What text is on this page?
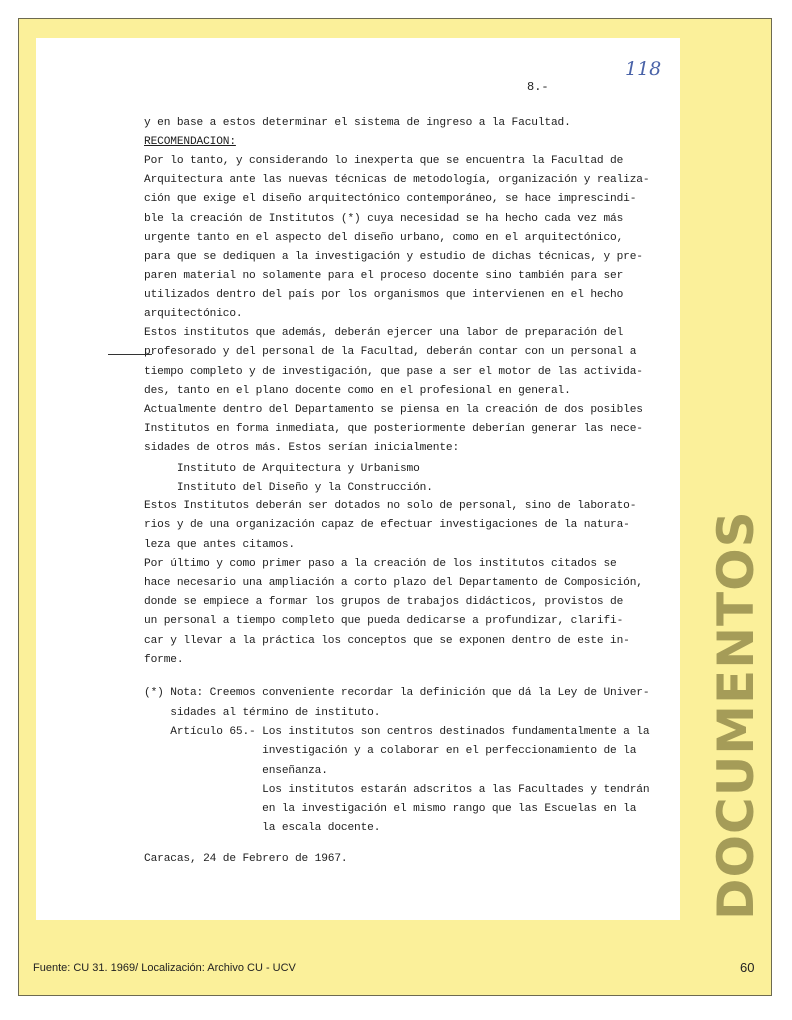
118
8.-
y en base a estos determinar el sistema de ingreso a la Facultad.
RECOMENDACION:
Por lo tanto, y considerando lo inexperta que se encuentra la Facultad de
Arquitectura ante las nuevas técnicas de metodología, organización y realiza-
ción que exige el diseño arquitectónico contemporáneo, se hace imprescindi-
ble la creación de Institutos (*) cuya necesidad se ha hecho cada vez más
urgente tanto en el aspecto del diseño urbano, como en el arquitectónico,
para que se dediquen a la investigación y estudio de dichas técnicas, y pre-
paren material no solamente para el proceso docente sino también para ser
utilizados dentro del país por los organismos que intervienen en el hecho
arquitectónico.
Estos institutos que además, deberán ejercer una labor de preparación del
profesorado y del personal de la Facultad, deberán contar con un personal a
tiempo completo y de investigación, que pase a ser el motor de las activida-
des, tanto en el plano docente como en el profesional en general.
Actualmente dentro del Departamento se piensa en la creación de dos posibles
Institutos en forma inmediata, que posteriormente deberían generar las nece-
sidades de otros más. Estos serían inicialmente:
Instituto de Arquitectura y Urbanismo
Instituto del Diseño y la Construcción.
Estos Institutos deberán ser dotados no solo de personal, sino de laborato-
rios y de una organización capaz de efectuar investigaciones de la natura-
leza que antes citamos.
Por último y como primer paso a la creación de los institutos citados se
hace necesario una ampliación a corto plazo del Departamento de Composición,
donde se empiece a formar los grupos de trabajos didácticos, provistos de
un personal a tiempo completo que pueda dedicarse a profundizar, clarifi-
car y llevar a la práctica los conceptos que se exponen dentro de este in-
forme.
(*) Nota: Creemos conveniente recordar la definición que dá la Ley de Univer-
sidades al término de instituto.
Artículo 65.- Los institutos son centros destinados fundamentalmente a la
investigación y a colaborar en el perfeccionamiento de la
enseñanza.
Los institutos estarán adscritos a las Facultades y tendrán
en la investigación el mismo rango que las Escuelas en la
la escala docente.
Caracas, 24 de Febrero de 1967.	DOCUMENTOS
Fuente: CU 31. 1969/ Localización: Archivo CU - UCV	60
